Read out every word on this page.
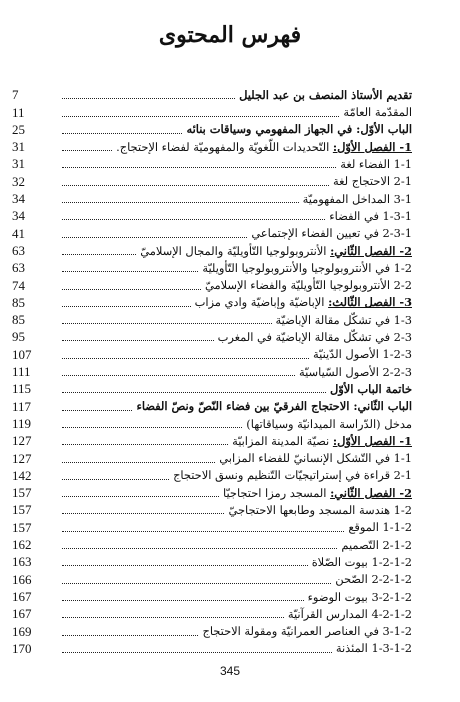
فهرس المحتوى
تقديم الأستاذ المنصف بن عبد الجليل
7
المقدّمة العامّة
11
الباب الأوّل: في الجهاز المفهومي وسياقات بنائه
25
1- الفصل الأوّل: التّحديدات اللّغويّة والمفهوميّة لفضاء الإحتجاج.
31
1-1 الفضاء لغة
31
2-1 الاحتجاج لغة
32
3-1 المداخل المفهوميّة
34
1-3-1 في الفضاء
34
2-3-1 في تعيين الفضاء الإجتماعي
41
2- الفصل الثّاني: الأنتروبولوجيا التّأويليّة والمجال الإسلاميّ
63
1-2 في الأنتروبولوجيا والأنتروبولوجيا التّأويليّة
63
2-2 الأنتروبولوجيا التّأويليّة والفضاء الإسلاميّ
74
3- الفصل الثّالث: الإباضيّة وإباضيّة وادي مزاب
85
1-3 في تشكّل مقالة الإباضيّة
85
2-3 في تشكّل مقالة الإباضيّة في المغرب
95
1-2-3 الأصول الدّينيّة
107
2-2-3 الأصول السّياسيّة
111
خاتمة الباب الأوّل
115
الباب الثّاني: الاحتجاج الفرقيّ بين فضاء النّصّ ونصّ الفضاء
117
مدخل (الدّراسة الميدانيّة وسياقاتها)
119
1- الفصل الأوّل: نصيّة المدينة المزابيّة
127
1-1 في التّشكل الإنسانيّ للفضاء المزابي
127
2-1 قراءة في إستراتيجيّات التّنظيم ونسق الاحتجاج
142
2- الفصل الثّاني: المسجد رمزا احتجاجيّا
157
1-2 هندسة المسجد وطابعها الاحتجاجيّ
157
1-1-2 الموقع
157
2-1-2 التّصميم
162
1-2-1-2 بيوت الصّلاة
163
2-2-1-2 الصّحن
166
3-2-1-2 بيوت الوضوء
167
4-2-1-2 المدارس القرآنيّة
167
3-1-2 في العناصر العمرانيّة ومقولة الاحتجاج
169
1-3-1-2 المئذنة
170
345
